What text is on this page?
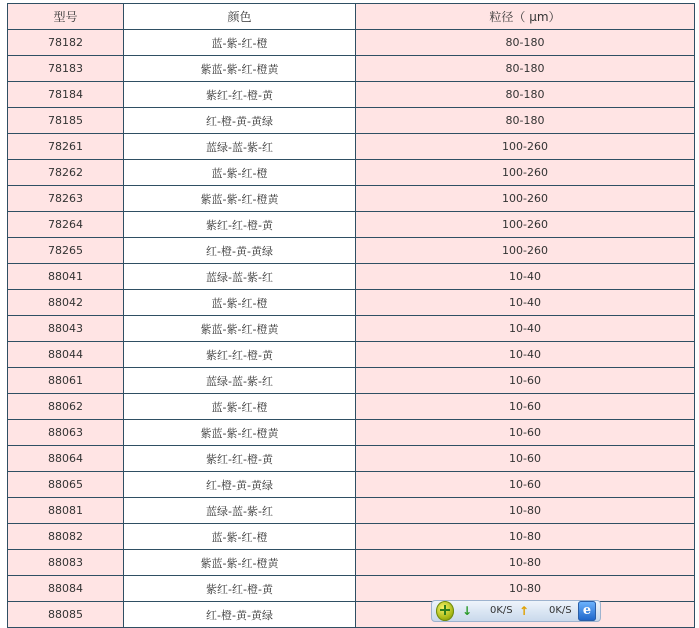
型号	颜色	粒径（ μm）
78182	蓝-紫-红-橙	80-180
78183	紫蓝-紫-红-橙黄	80-180
78184	紫红-红-橙-黄	80-180
78185	红-橙-黄-黄绿	80-180
78261	蓝绿-蓝-紫-红	100-260
78262	蓝-紫-红-橙	100-260
78263	紫蓝-紫-红-橙黄	100-260
78264	紫红-红-橙-黄	100-260
78265	红-橙-黄-黄绿	100-260
88041	蓝绿-蓝-紫-红	10-40
88042	蓝-紫-红-橙	10-40
88043	紫蓝-紫-红-橙黄	10-40
88044	紫红-红-橙-黄	10-40
88061	蓝绿-蓝-紫-红	10-60
88062	蓝-紫-红-橙	10-60
88063	紫蓝-紫-红-橙黄	10-60
88064	紫红-红-橙-黄	10-60
88065	红-橙-黄-黄绿	10-60
88081	蓝绿-蓝-紫-红	10-80
88082	蓝-紫-红-橙	10-80
88083	紫蓝-紫-红-橙黄	10-80
88084	紫红-红-橙-黄	10-80
88085	红-橙-黄-黄绿		↓ 0K/S ↑ 0K/S e
